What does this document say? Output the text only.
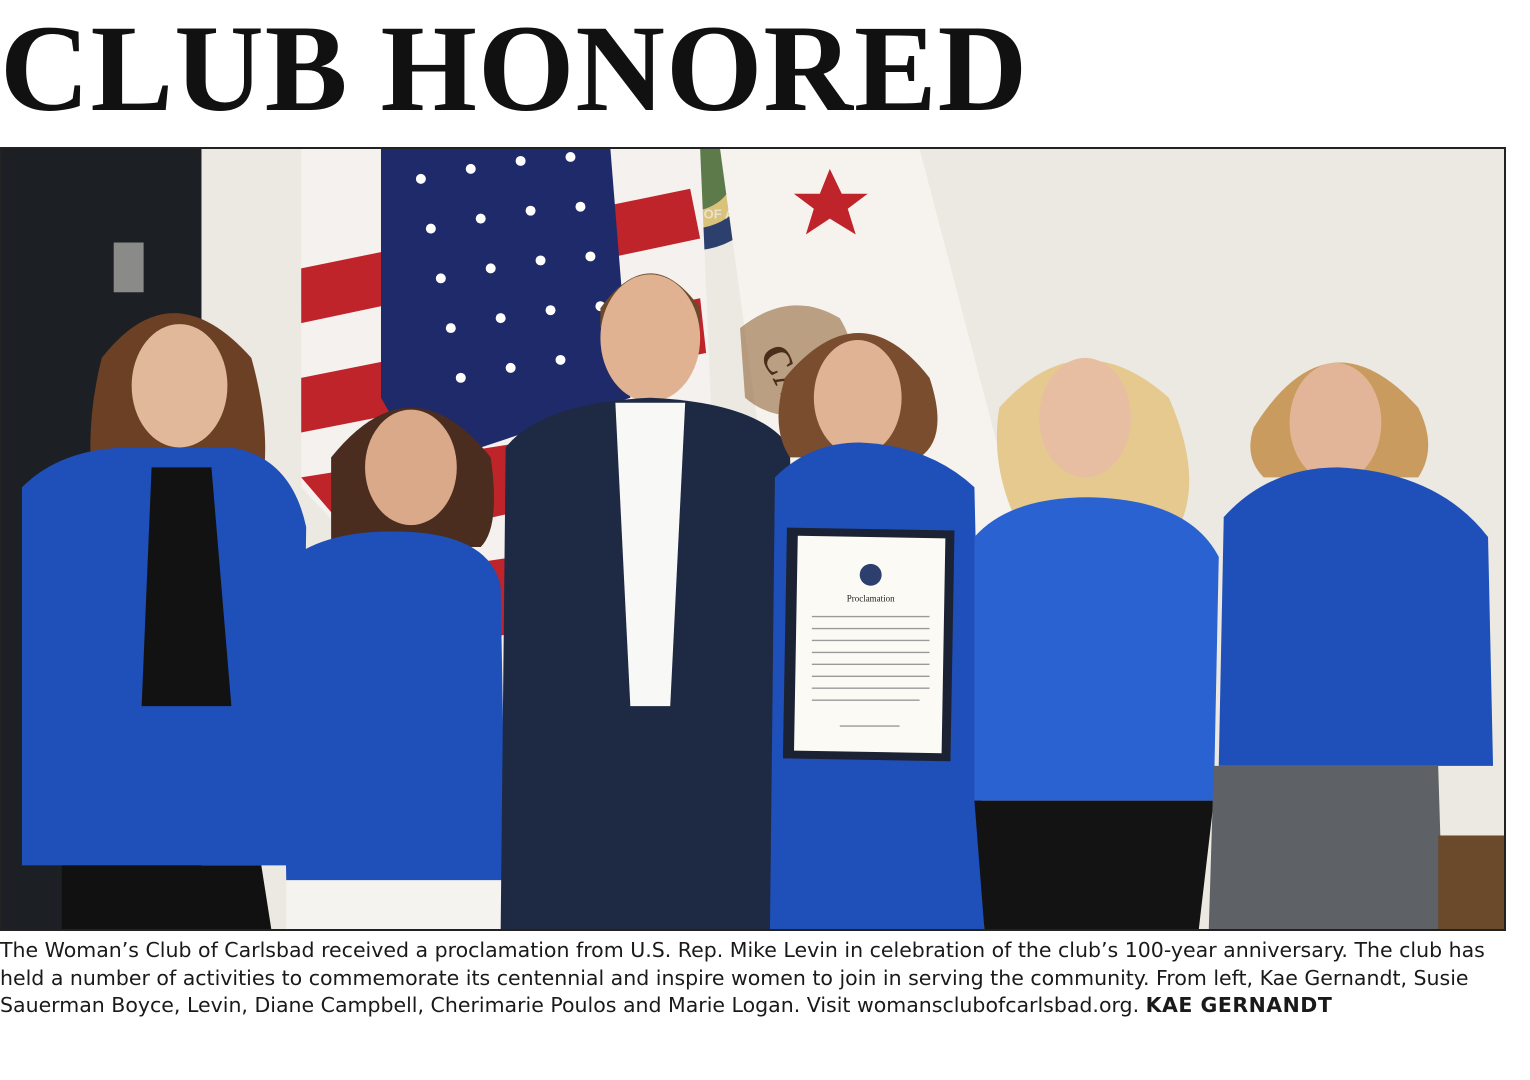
CLUB HONORED
OF
Proclamation

The Woman’s Club of Carlsbad received a proclamation from U.S. Rep. Mike Levin in celebration of the club’s 100-year anniversary. The club has held a number of activities to commemorate its centennial and inspire women to join in serving the community. From left, Kae Gernandt, Susie Sauerman Boyce, Levin, Diane Campbell, Cherimarie Poulos and Marie Logan. Visit womansclubofcarlsbad.org. KAE GERNANDT
